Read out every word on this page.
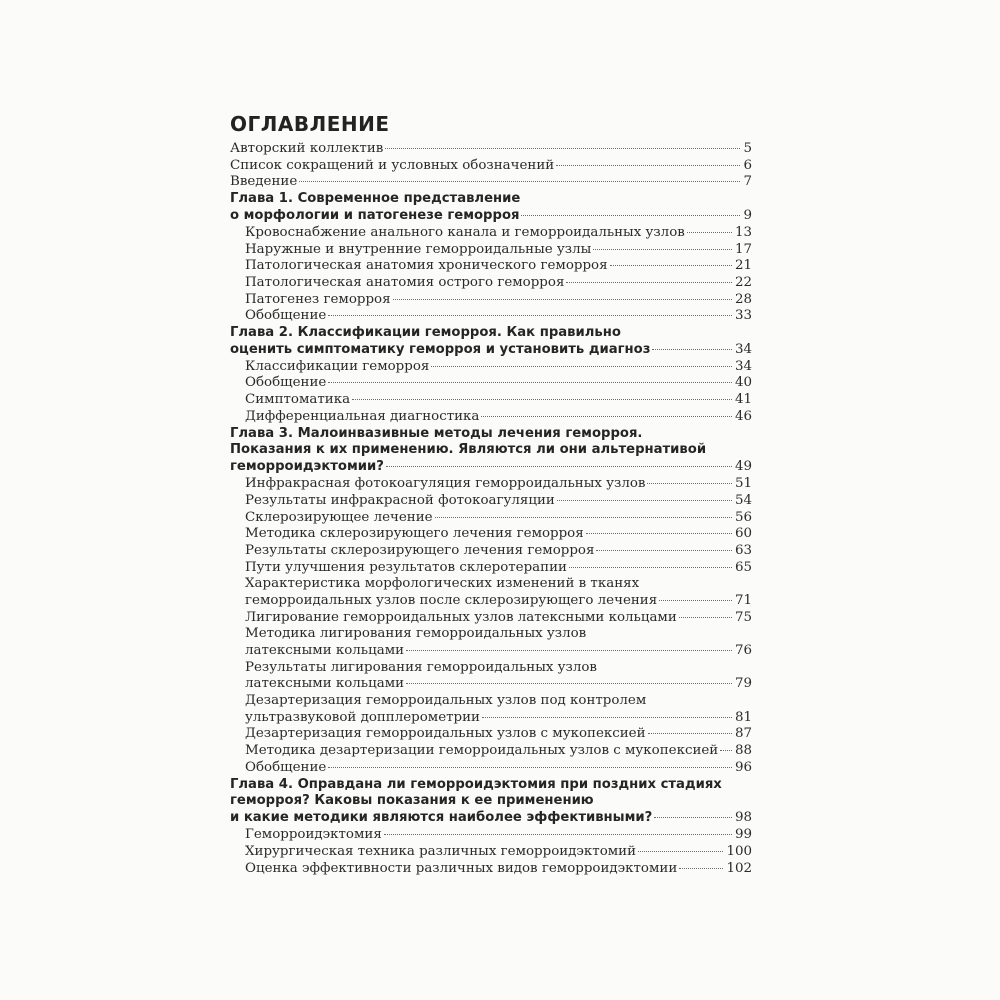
ОГЛАВЛЕНИЕ
Авторский коллектив	5
Список сокращений и условных обозначений	6
Введение	7
Глава 1. Современное представление
о морфологии и патогенезе геморроя	9
Кровоснабжение анального канала и геморроидальных узлов	13
Наружные и внутренние геморроидальные узлы	17
Патологическая анатомия хронического геморроя	21
Патологическая анатомия острого геморроя	22
Патогенез геморроя	28
Обобщение	33
Глава 2. Классификации геморроя. Как правильно
оценить симптоматику геморроя и установить диагноз	34
Классификации геморроя	34
Обобщение	40
Симптоматика	41
Дифференциальная диагностика	46
Глава 3. Малоинвазивные методы лечения геморроя.
Показания к их применению. Являются ли они альтернативой
геморроидэктомии?	49
Инфракрасная фотокоагуляция геморроидальных узлов	51
Результаты инфракрасной фотокоагуляции	54
Склерозирующее лечение	56
Методика склерозирующего лечения геморроя	60
Результаты склерозирующего лечения геморроя	63
Пути улучшения результатов склеротерапии	65
Характеристика морфологических изменений в тканях
геморроидальных узлов после склерозирующего лечения	71
Лигирование геморроидальных узлов латексными кольцами	75
Методика лигирования геморроидальных узлов
латексными кольцами	76
Результаты лигирования геморроидальных узлов
латексными кольцами	79
Дезартеризация геморроидальных узлов под контролем
ультразвуковой допплерометрии	81
Дезартеризация геморроидальных узлов с мукопексией	87
Методика дезартеризации геморроидальных узлов с мукопексией 88
Обобщение	96
Глава 4. Оправдана ли геморроидэктомия при поздних стадиях
геморроя? Каковы показания к ее применению
и какие методики являются наиболее эффективными?	98
Геморроидэктомия	99
Хирургическая техника различных геморроидэктомий	100
Оценка эффективности различных видов геморроидэктомии	102
